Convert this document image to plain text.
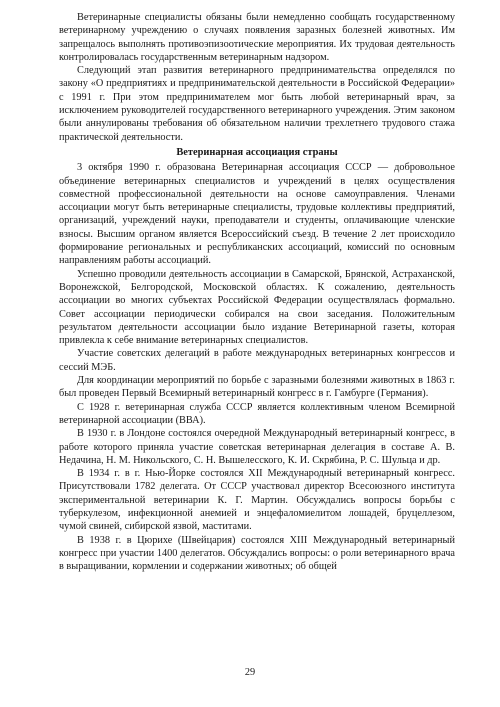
Ветеринарные специалисты обязаны были немедленно сообщать государственному ветеринарному учреждению о случаях появления заразных болезней животных. Им запрещалось выполнять противоэпизоотические мероприятия. Их трудовая деятельность контролировалась государственным ветеринарным надзором.

Следующий этап развития ветеринарного предпринимательства определялся по закону «О предприятиях и предпринимательской деятельности в Российской Федерации» с 1991 г. При этом предпринимателем мог быть любой ветеринарный врач, за исключением руководителей государственного ветеринарного учреждения. Этим законом были аннулированы требования об обязательном наличии трехлетнего трудового стажа практической деятельности.

Ветеринарная ассоциация страны

3 октября 1990 г. образована Ветеринарная ассоциация СССР — добровольное объединение ветеринарных специалистов и учреждений в целях осуществления совместной профессиональной деятельности на основе самоуправления. Членами ассоциации могут быть ветеринарные специалисты, трудовые коллективы предприятий, организаций, учреждений науки, преподаватели и студенты, оплачивающие членские взносы. Высшим органом является Всероссийский съезд. В течение 2 лет происходило формирование региональных и республиканских ассоциаций, комиссий по основным направлениям работы ассоциаций.

Успешно проводили деятельность ассоциации в Самарской, Брянской, Астраханской, Воронежской, Белгородской, Московской областях. К сожалению, деятельность ассоциации во многих субъектах Российской Федерации осуществлялась формально. Совет ассоциации периодически собирался на свои заседания. Положительным результатом деятельности ассоциации было издание Ветеринарной газеты, которая привлекла к себе внимание ветеринарных специалистов.

Участие советских делегаций в работе международных ветеринарных конгрессов и сессий МЭБ.

Для координации мероприятий по борьбе с заразными болезнями животных в 1863 г. был проведен Первый Всемирный ветеринарный конгресс в г. Гамбурге (Германия).

С 1928 г. ветеринарная служба СССР является коллективным членом Всемирной ветеринарной ассоциации (ВВА).

В 1930 г. в Лондоне состоялся очередной Международный ветеринарный конгресс, в работе которого приняла участие советская ветеринарная делегация в составе А. В. Недачина, Н. М. Никольского, С. Н. Вышелесского, К. И. Скрябина, Р. С. Шульца и др.

В 1934 г. в г. Нью-Йорке состоялся XII Международный ветеринарный конгресс. Присутствовали 1782 делегата. От СССР участвовал директор Всесоюзного института экспериментальной ветеринарии К. Г. Мартин. Обсуждались вопросы борьбы с туберкулезом, инфекционной анемией и энцефаломиелитом лошадей, бруцеллезом, чумой свиней, сибирской язвой, маститами.

В 1938 г. в Цюрихе (Швейцария) состоялся XIII Международный ветеринарный конгресс при участии 1400 делегатов. Обсуждались вопросы: о роли ветеринарного врача в выращивании, кормлении и содержании животных; об общей

29
